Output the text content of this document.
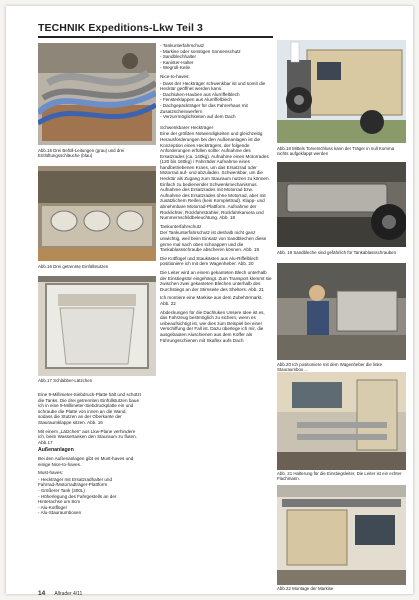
TECHNIK Expeditions-Lkw Teil 3
Abb.15 Drei Befüll-Leitungen (grau) und drei Entlüftungsschläuche (blau)
Abb.16 Drei getrennte Einfüllstutzen
Abb.17 Schlabber-Lätzchen

Eine 9-Millimeter-Siebdruck-Platte hält und schützt die Tanks. Die drei getrennten Einfüllstutzen baue ich in eine 9-Millimeter-Siebdruckplatte ein und schraube die Platte von innen an die Wand, sodass die Stutzen an der Oberkante der Stauraumklappe sitzen. Abb. 16

Mit einem „Lätzchen“ aus Lkw-Plane verhindere ich, beim Wassertanken den Stauraum zu fluten. Abb.17

Außenanlagen

Bei den Außenanlagen gibt es Must-haves und einige Nice-to-haves.

Must-haves:
- Heckträger mit Ersatzradhalter und Fahrrad-/Motorradträger-Plattform
- Größerer Tank (300L)
- Höherlegung des Fahrgestells an der Hinterachse um 8cm
- Alu-Kotflügel
- Alu-Stauraumboxen
- Tankunterfahrschutz
- Markise oder sonstigen Sonnenschutz
- Sandblechhalter
- Kanister-Halter
- Wegroll-Keile
Nice-to-haves:
- Dass der Heckträger schwenkbar ist und somit die Hecktür geöffnet werden kann.
- Dachluken-Hauben aus Alurriffelblech
- Fensterklappen aus Alurriffelblech
- Dachgepäckträger für das Fahrerhaus mit Zusatzscheinwerfern
- Verzurrmöglichkeiten auf dem Dach
Schwenkbarer Heckträger

Eine der größten Notwendigkeiten und gleichzeitig Herausforderungen bei den Außenanlagen ist die Konzeption eines Heckträgers, der folgende Anforderungen erfüllen sollte: Aufnahme des Ersatzrades (ca. 140kg). Aufnahme eines Motorrades (120 bis 160kg) / Fahrräder Aufnahme eines handbetriebenen Krans, um das Ersatzrad oder Motorrad auf- und abzuladen. Schwenkbar, um die Hecktür als Zugang zum Stauraum nutzen zu können. Einfach zu bedienender Schwenkmechanismus. Aufnahme des Ersatzrades mit Motorrad bzw. Aufnahme des Ersatzrades ohne Motorrad, aber mit zusätzlichem Reifen (kein Komplettrad). Klapp- und abnehmbare Motorrad-Plattform. Aufnahme der Rücklichter, Rückfahrstrahler, Rückfahrkamera und Nummernschildbeleuchtung. Abb. 18

Tankunterfahrschutz

Der Tankunterfahrschutz ist deshalb nicht ganz unwichtig, weil beim Einsatz von Sandblechen diese gerne mal nach oben schnappen und die Tankablassschraube abscheren können. Abb. 19

Die Kotflügel und Staukästen aus Alu-Riffelblech positioniere ich mit dem Wagenheber. Abb. 20

Die Leiter wird an einem gekanteten Blech unterhalb der Einstiegstür eingehängt. Zum Transport klemmt sie zwischen zwei gekanteten Blechen unterhalb des Durchstiegs an der Stirnseite des Shelters. Abb. 21

Ich montiere eine Markise aus dem Zubehörmarkt. Abb. 22

Abdeckungen für die Dachluken Unsere Idee ist es, das Fahrzeug bestmöglich zu sichern, wenn es unbeaufsichtigt ist, wie dies zum Beispiel bei einer Verschiffung der Fall ist. Dazu überlege ich mir, die ausgebauten Aluschienen aus dem Koffer als Führungsschienen mit Skaflex aufs Dach

Abb.18 Mittels Torverschluss kann der Träger in null Komma nichts aufgeklappt werden
Abb. 19 Sandbleche sind gefährlich für Tankablassschrauben
Abb.20 Ich positioniere mit dem Wagenheber die linke Stauraumbox ...
Abb. 21 Halterung für die Einstiegsleiter. Die Leiter ist ein echter Flachmann.
Abb.22 Montage der Markise
14 Allrader 4/11
